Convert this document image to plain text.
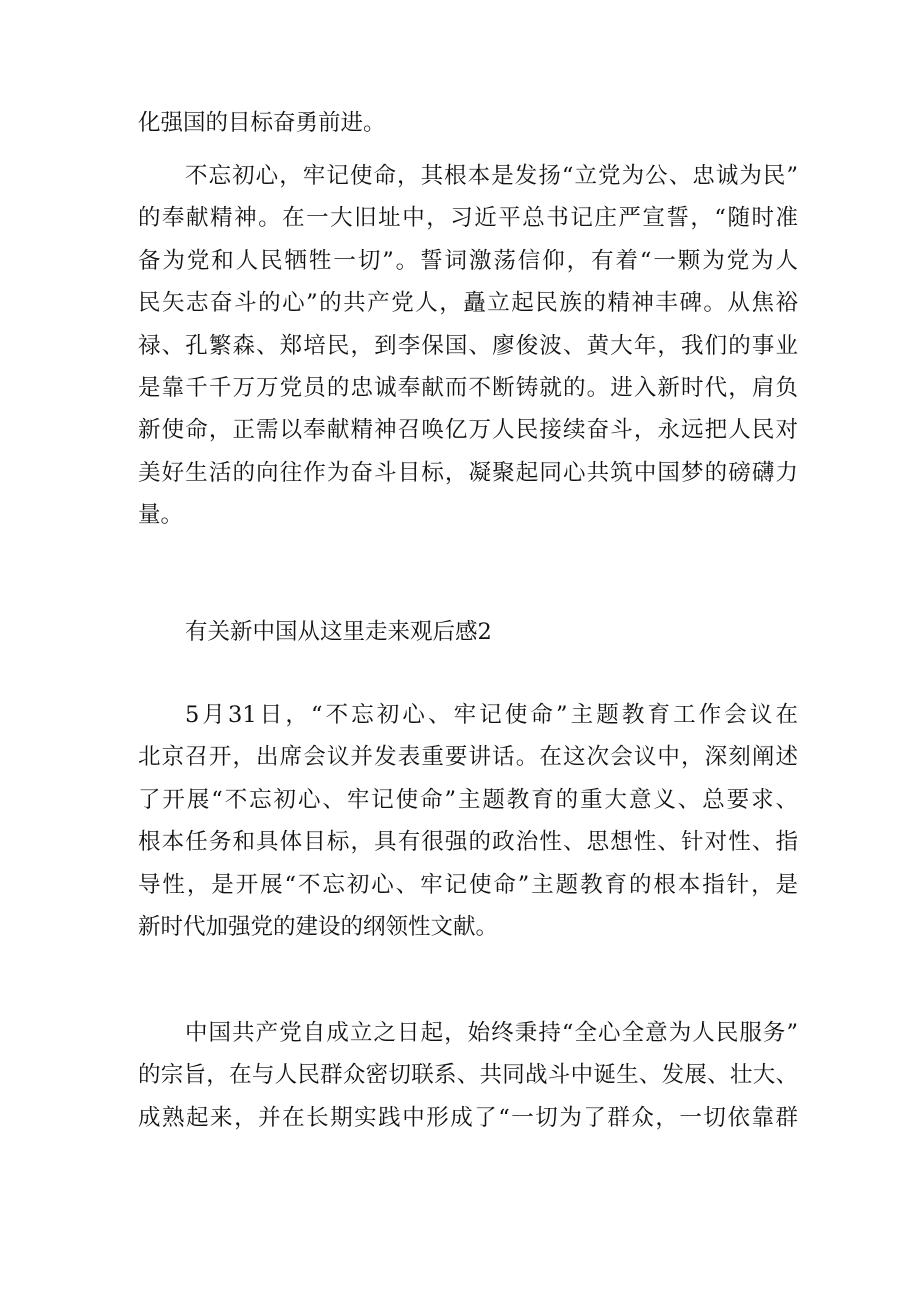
化强国的目标奋勇前进。
不忘初心，牢记使命，其根本是发扬“立党为公、忠诚为民”
的奉献精神。在一大旧址中，习近平总书记庄严宣誓，“随时准
备为党和人民牺牲一切”。誓词激荡信仰，有着“一颗为党为人
民矢志奋斗的心”的共产党人，矗立起民族的精神丰碑。从焦裕
禄、孔繁森、郑培民，到李保国、廖俊波、黄大年，我们的事业
是靠千千万万党员的忠诚奉献而不断铸就的。进入新时代，肩负
新使命，正需以奉献精神召唤亿万人民接续奋斗，永远把人民对
美好生活的向往作为奋斗目标，凝聚起同心共筑中国梦的磅礴力
量。
有关新中国从这里走来观后感2
5月31日，“不忘初心、牢记使命”主题教育工作会议在
北京召开，出席会议并发表重要讲话。在这次会议中，深刻阐述
了开展“不忘初心、牢记使命”主题教育的重大意义、总要求、
根本任务和具体目标，具有很强的政治性、思想性、针对性、指
导性，是开展“不忘初心、牢记使命”主题教育的根本指针，是
新时代加强党的建设的纲领性文献。
中国共产党自成立之日起，始终秉持“全心全意为人民服务”
的宗旨，在与人民群众密切联系、共同战斗中诞生、发展、壮大、
成熟起来，并在长期实践中形成了“一切为了群众，一切依靠群
